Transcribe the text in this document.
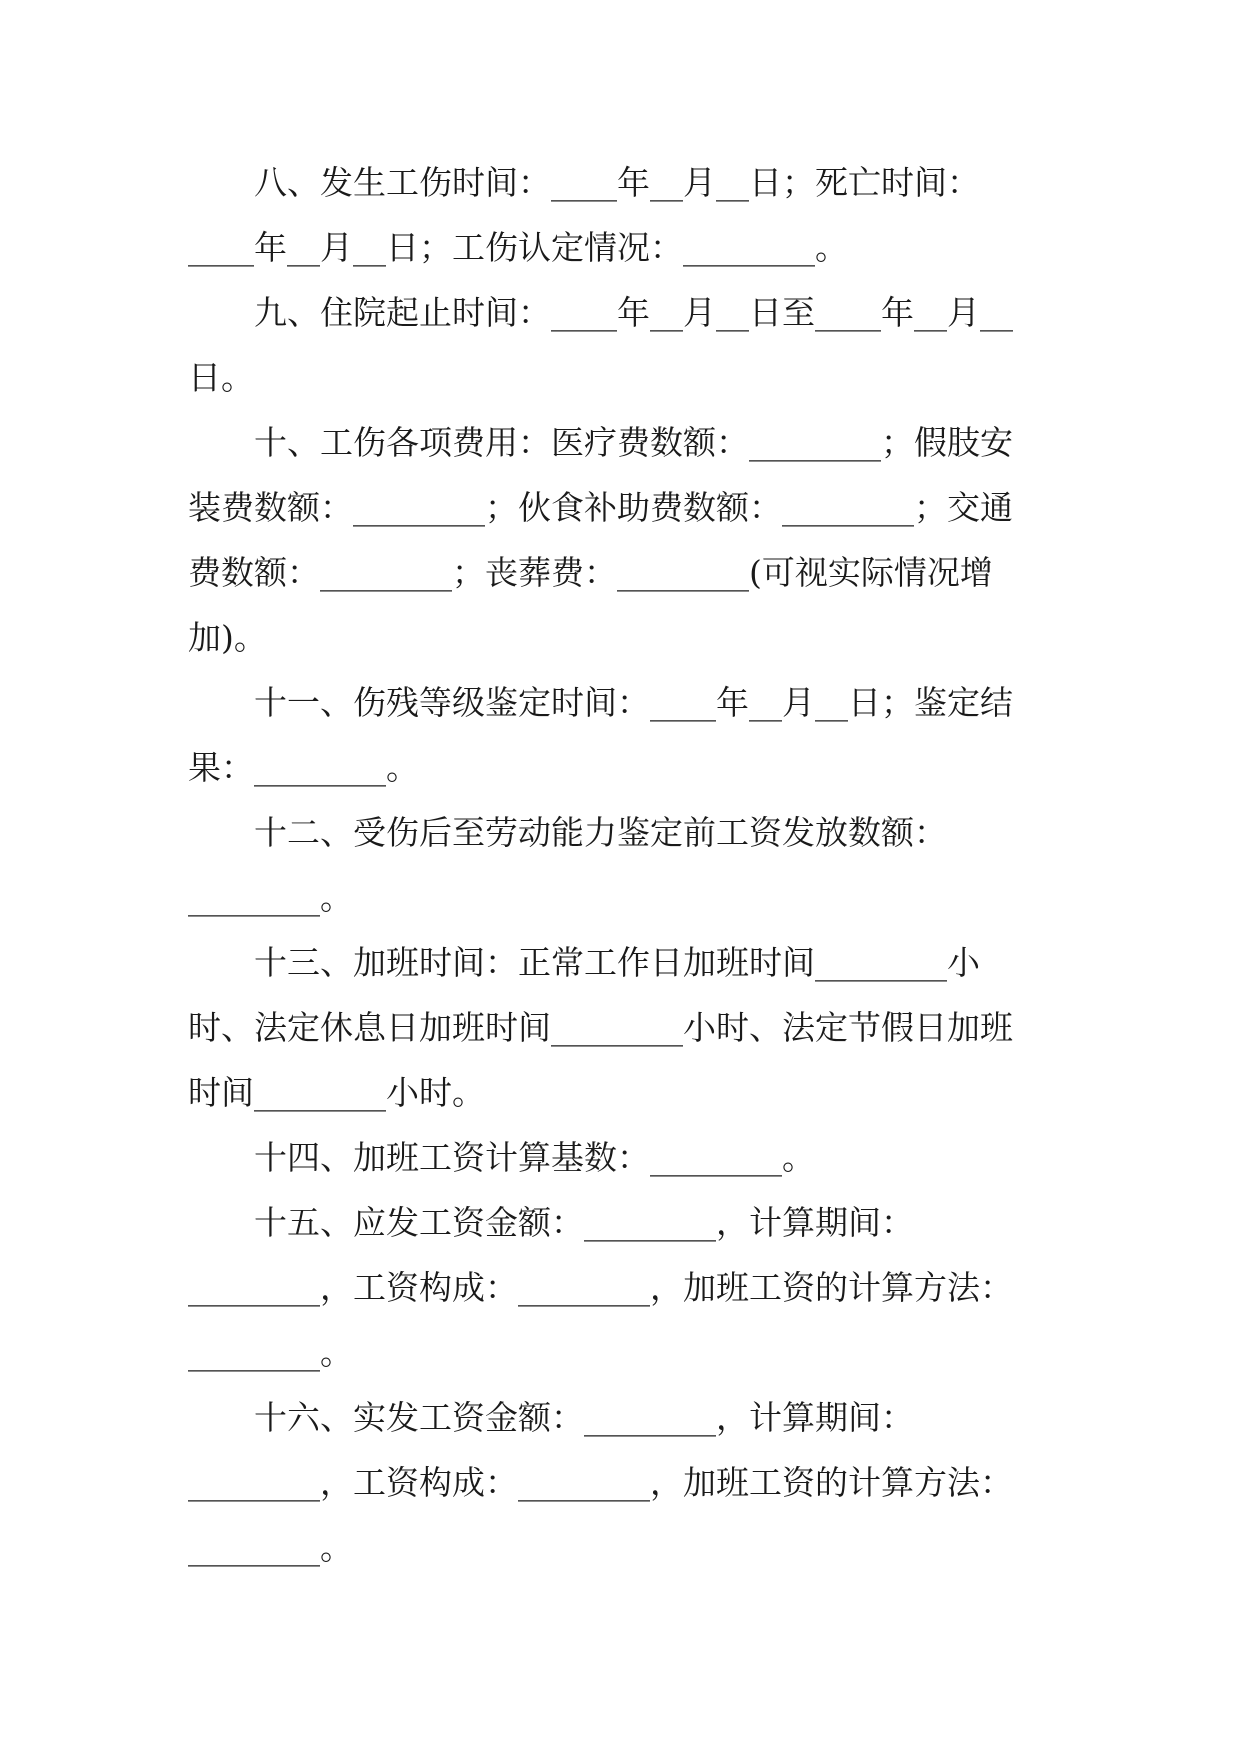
八、发生工伤时间：____年__月__日；死亡时间：
____年__月__日；工伤认定情况：________。
九、住院起止时间：____年__月__日至____年__月__
日。
十、工伤各项费用：医疗费数额：________；假肢安
装费数额：________；伙食补助费数额：________；交通
费数额：________；丧葬费：________(可视实际情况增
加)。
十一、伤残等级鉴定时间：____年__月__日；鉴定结
果：________。
十二、受伤后至劳动能力鉴定前工资发放数额：
________。
十三、加班时间：正常工作日加班时间________小
时、法定休息日加班时间________小时、法定节假日加班
时间________小时。
十四、加班工资计算基数：________。
十五、应发工资金额：________，计算期间：
________，工资构成：________，加班工资的计算方法：
________。
十六、实发工资金额：________，计算期间：
________，工资构成：________，加班工资的计算方法：
________。
